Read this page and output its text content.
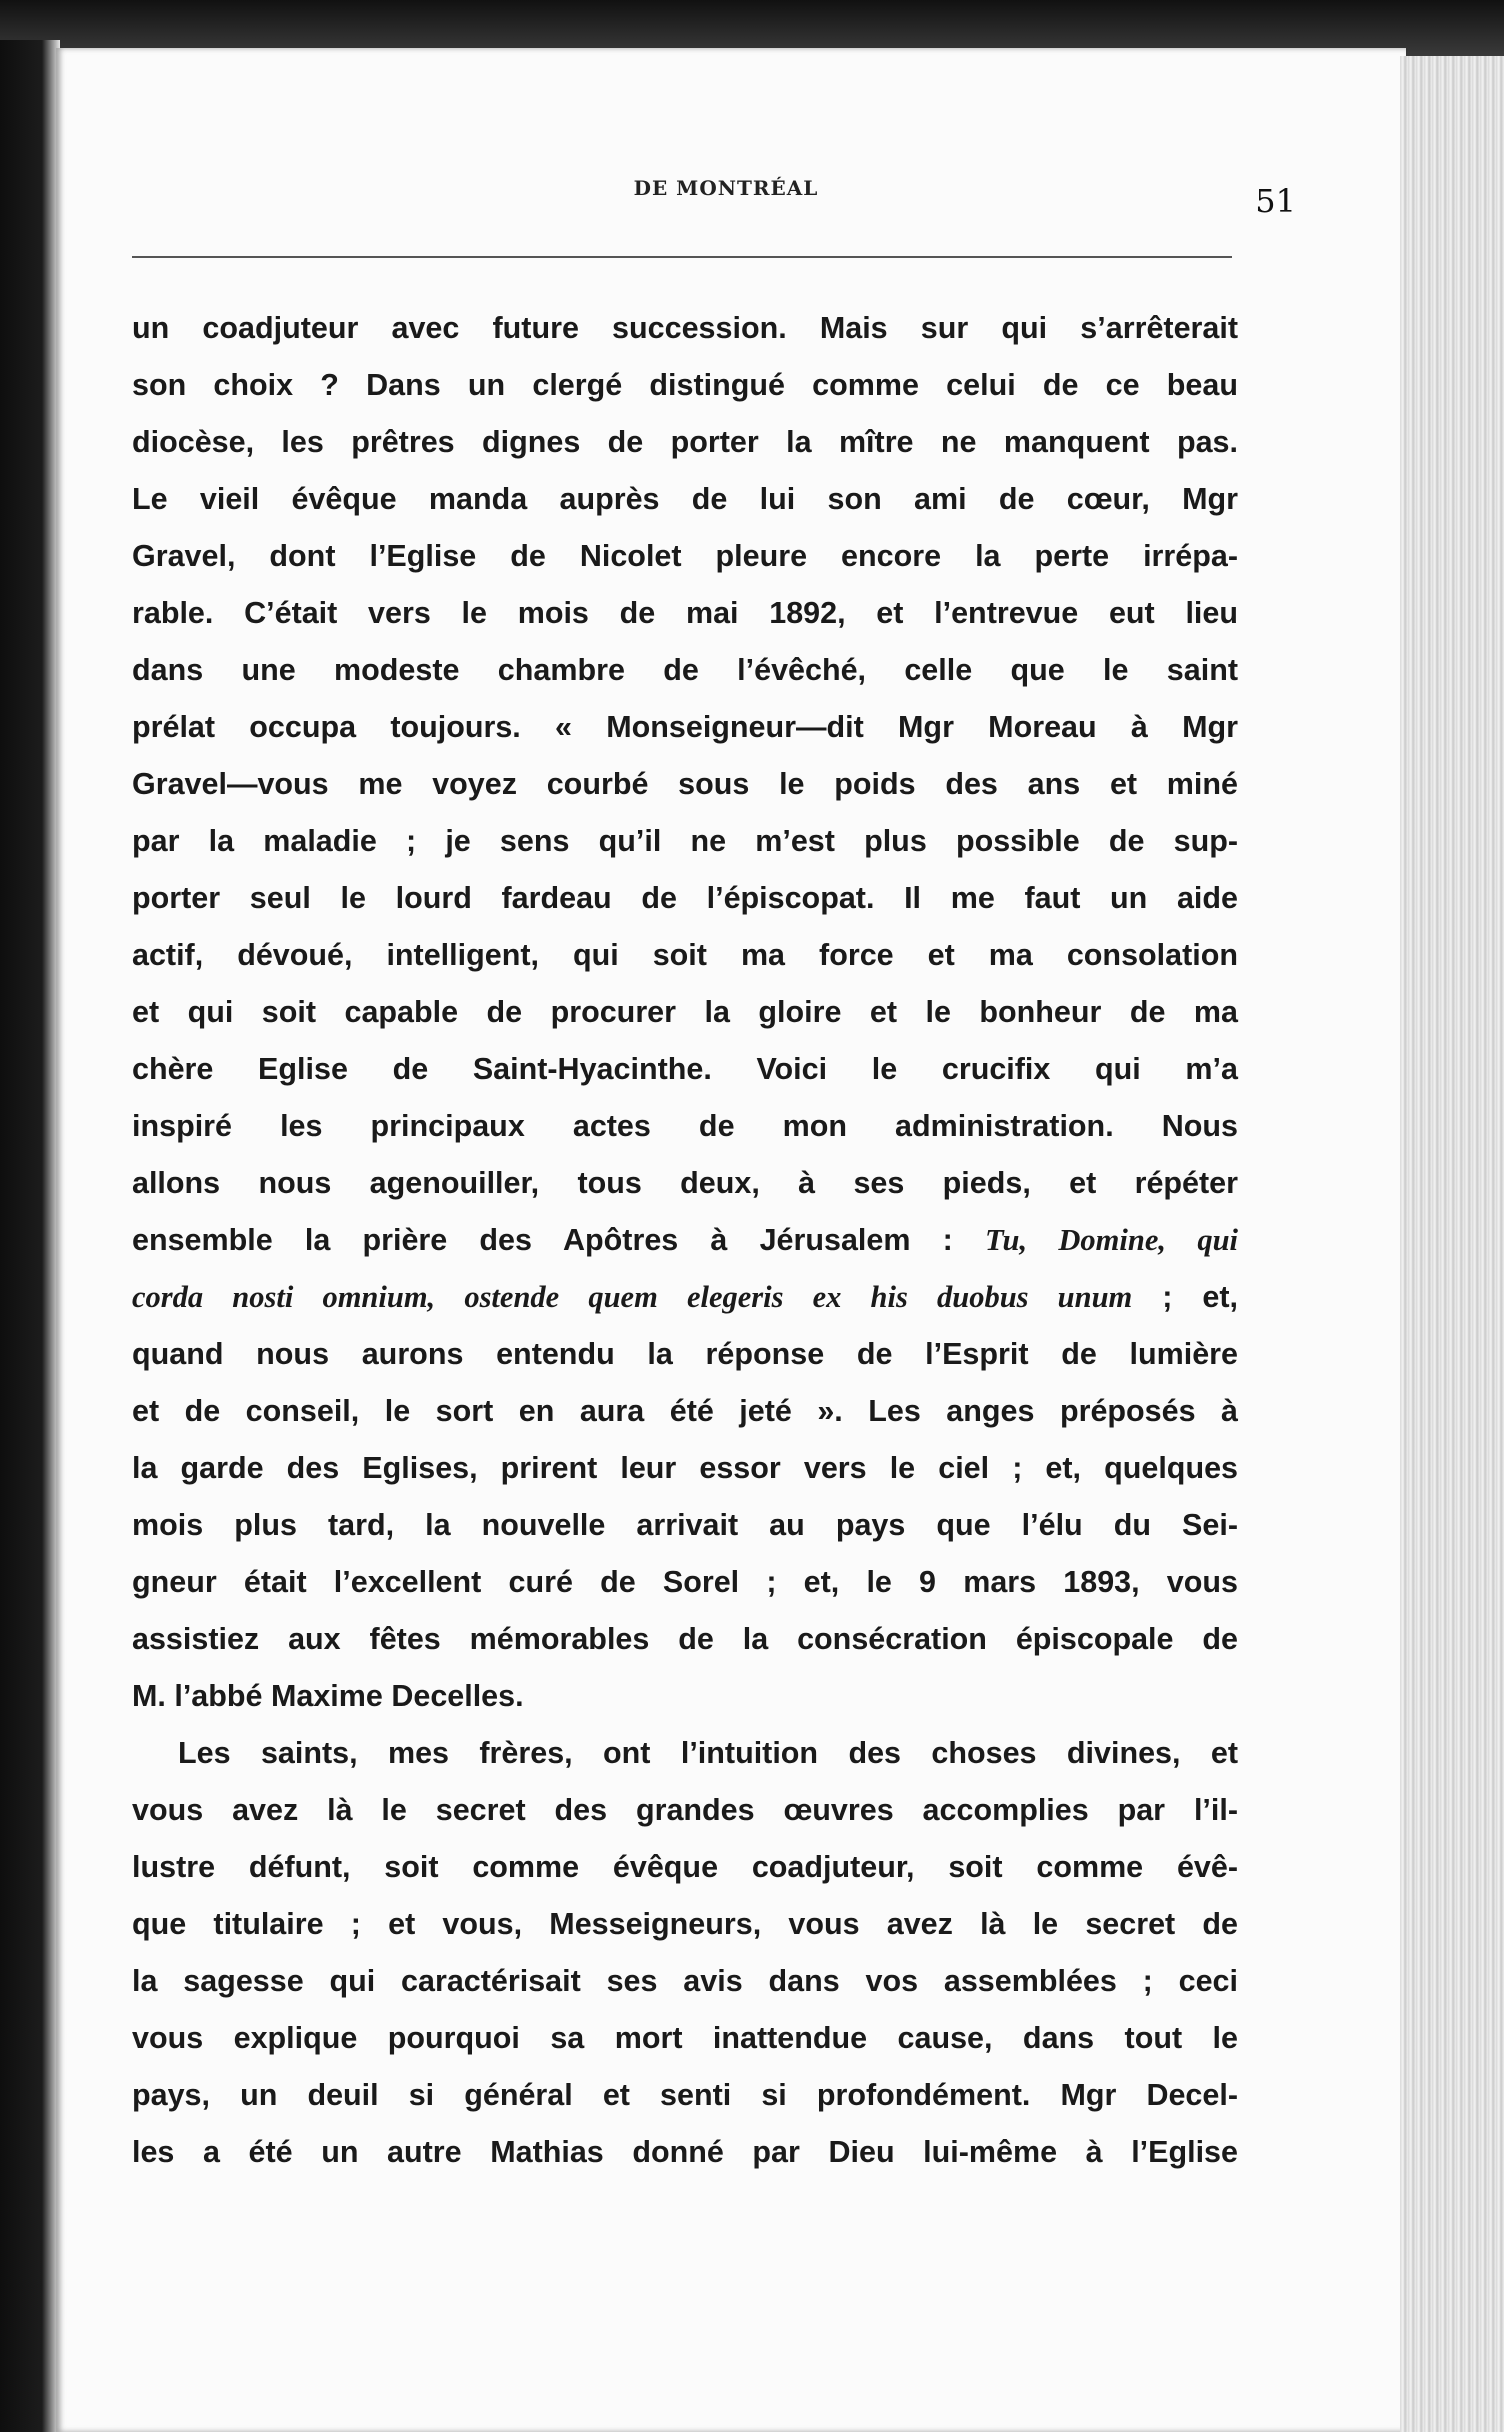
DE MONTRÉAL	51

un coadjuteur avec future succession. Mais sur qui s’arrêterait

son choix ? Dans un clergé distingué comme celui de ce beau

diocèse, les prêtres dignes de porter la mître ne manquent pas.

Le vieil évêque manda auprès de lui son ami de cœur, Mgr

Gravel, dont l’Eglise de Nicolet pleure encore la perte irrépa-

rable. C’était vers le mois de mai 1892, et l’entrevue eut lieu

dans une modeste chambre de l’évêché, celle que le saint

prélat occupa toujours. « Monseigneur—dit Mgr Moreau à Mgr

Gravel—vous me voyez courbé sous le poids des ans et miné

par la maladie ; je sens qu’il ne m’est plus possible de sup-

porter seul le lourd fardeau de l’épiscopat. Il me faut un aide

actif, dévoué, intelligent, qui soit ma force et ma consolation

et qui soit capable de procurer la gloire et le bonheur de ma

chère Eglise de Saint-Hyacinthe. Voici le crucifix qui m’a

inspiré les principaux actes de mon administration. Nous

allons nous agenouiller, tous deux, à ses pieds, et répéter

ensemble la prière des Apôtres à Jérusalem : Tu, Domine, qui

corda nosti omnium, ostende quem elegeris ex his duobus unum ; et,

quand nous aurons entendu la réponse de l’Esprit de lumière

et de conseil, le sort en aura été jeté ». Les anges préposés à

la garde des Eglises, prirent leur essor vers le ciel ; et, quelques

mois plus tard, la nouvelle arrivait au pays que l’élu du Sei-

gneur était l’excellent curé de Sorel ; et, le 9 mars 1893, vous

assistiez aux fêtes mémorables de la consécration épiscopale de

M. l’abbé Maxime Decelles.

Les saints, mes frères, ont l’intuition des choses divines, et

vous avez là le secret des grandes œuvres accomplies par l’il-

lustre défunt, soit comme évêque coadjuteur, soit comme évê-

que titulaire ; et vous, Messeigneurs, vous avez là le secret de

la sagesse qui caractérisait ses avis dans vos assemblées ; ceci

vous explique pourquoi sa mort inattendue cause, dans tout le

pays, un deuil si général et senti si profondément. Mgr Decel-

les a été un autre Mathias donné par Dieu lui-même à l’Eglise
